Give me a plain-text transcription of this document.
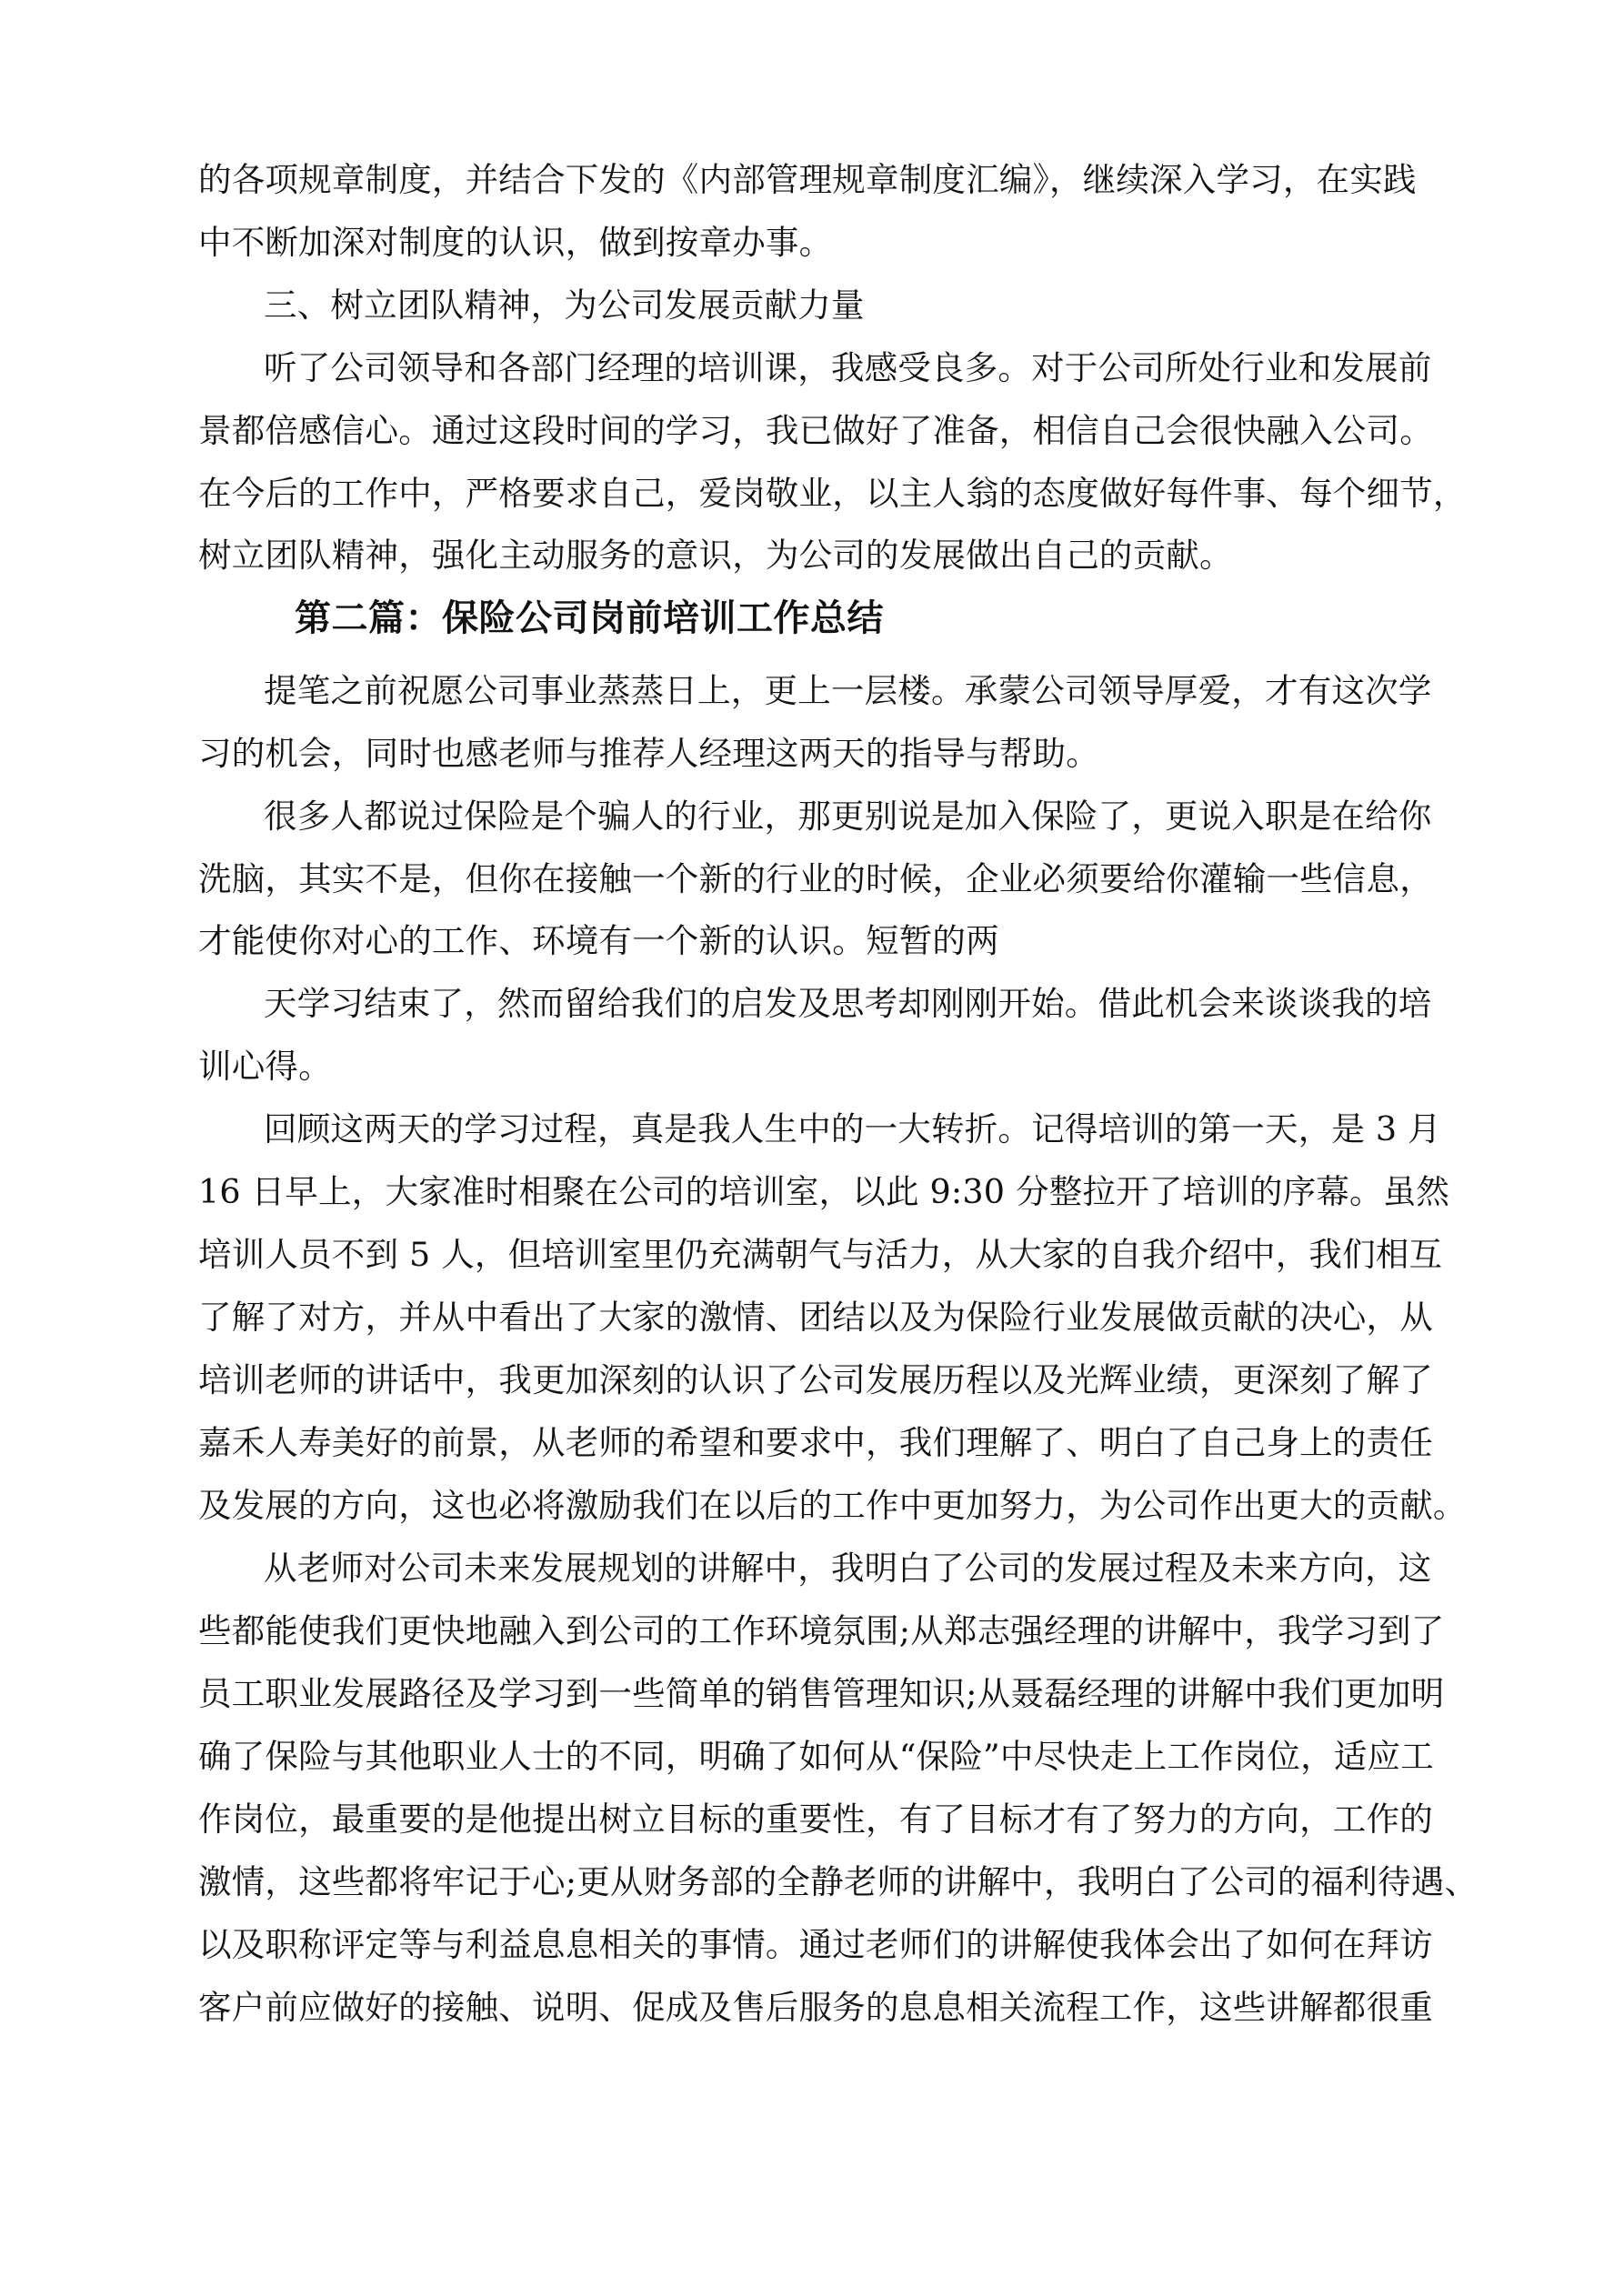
的各项规章制度，并结合下发的《内部管理规章制度汇编》，继续深入学习，在实践
中不断加深对制度的认识，做到按章办事。
三、树立团队精神，为公司发展贡献力量
听了公司领导和各部门经理的培训课，我感受良多。对于公司所处行业和发展前
景都倍感信心。通过这段时间的学习，我已做好了准备，相信自己会很快融入公司。
在今后的工作中，严格要求自己，爱岗敬业，以主人翁的态度做好每件事、每个细节，
树立团队精神，强化主动服务的意识，为公司的发展做出自己的贡献。
第二篇：保险公司岗前培训工作总结
提笔之前祝愿公司事业蒸蒸日上，更上一层楼。承蒙公司领导厚爱，才有这次学
习的机会，同时也感老师与推荐人经理这两天的指导与帮助。
很多人都说过保险是个骗人的行业，那更别说是加入保险了，更说入职是在给你
洗脑，其实不是，但你在接触一个新的行业的时候，企业必须要给你灌输一些信息，
才能使你对心的工作、环境有一个新的认识。短暂的两
天学习结束了，然而留给我们的启发及思考却刚刚开始。借此机会来谈谈我的培
训心得。
回顾这两天的学习过程，真是我人生中的一大转折。记得培训的第一天，是 3 月
16 日早上，大家准时相聚在公司的培训室，以此 9:30 分整拉开了培训的序幕。虽然
培训人员不到 5 人，但培训室里仍充满朝气与活力，从大家的自我介绍中，我们相互
了解了对方，并从中看出了大家的激情、团结以及为保险行业发展做贡献的决心，从
培训老师的讲话中，我更加深刻的认识了公司发展历程以及光辉业绩，更深刻了解了
嘉禾人寿美好的前景，从老师的希望和要求中，我们理解了、明白了自己身上的责任
及发展的方向，这也必将激励我们在以后的工作中更加努力，为公司作出更大的贡献。
从老师对公司未来发展规划的讲解中，我明白了公司的发展过程及未来方向，这
些都能使我们更快地融入到公司的工作环境氛围;从郑志强经理的讲解中，我学习到了
员工职业发展路径及学习到一些简单的销售管理知识;从聂磊经理的讲解中我们更加明
确了保险与其他职业人士的不同，明确了如何从“保险”中尽快走上工作岗位，适应工
作岗位，最重要的是他提出树立目标的重要性，有了目标才有了努力的方向，工作的
激情，这些都将牢记于心;更从财务部的全静老师的讲解中，我明白了公司的福利待遇、
以及职称评定等与利益息息相关的事情。通过老师们的讲解使我体会出了如何在拜访
客户前应做好的接触、说明、促成及售后服务的息息相关流程工作，这些讲解都很重
